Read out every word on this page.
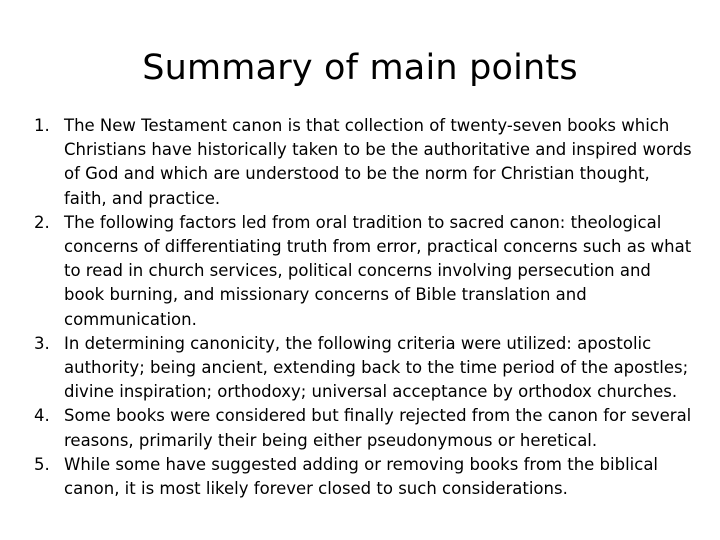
Summary of main points
1. The New Testament canon is that collection of twenty-seven books which Christians have historically taken to be the authoritative and inspired words of God and which are understood to be the norm for Christian thought, faith, and practice.
2. The following factors led from oral tradition to sacred canon: theological concerns of differentiating truth from error, practical concerns such as what to read in church services, political concerns involving persecution and book burning, and missionary concerns of Bible translation and communication.
3. In determining canonicity, the following criteria were utilized: apostolic authority; being ancient, extending back to the time period of the apostles; divine inspiration; orthodoxy; universal acceptance by orthodox churches.
4. Some books were considered but finally rejected from the canon for several reasons, primarily their being either pseudonymous or heretical.
5. While some have suggested adding or removing books from the biblical canon, it is most likely forever closed to such considerations.
